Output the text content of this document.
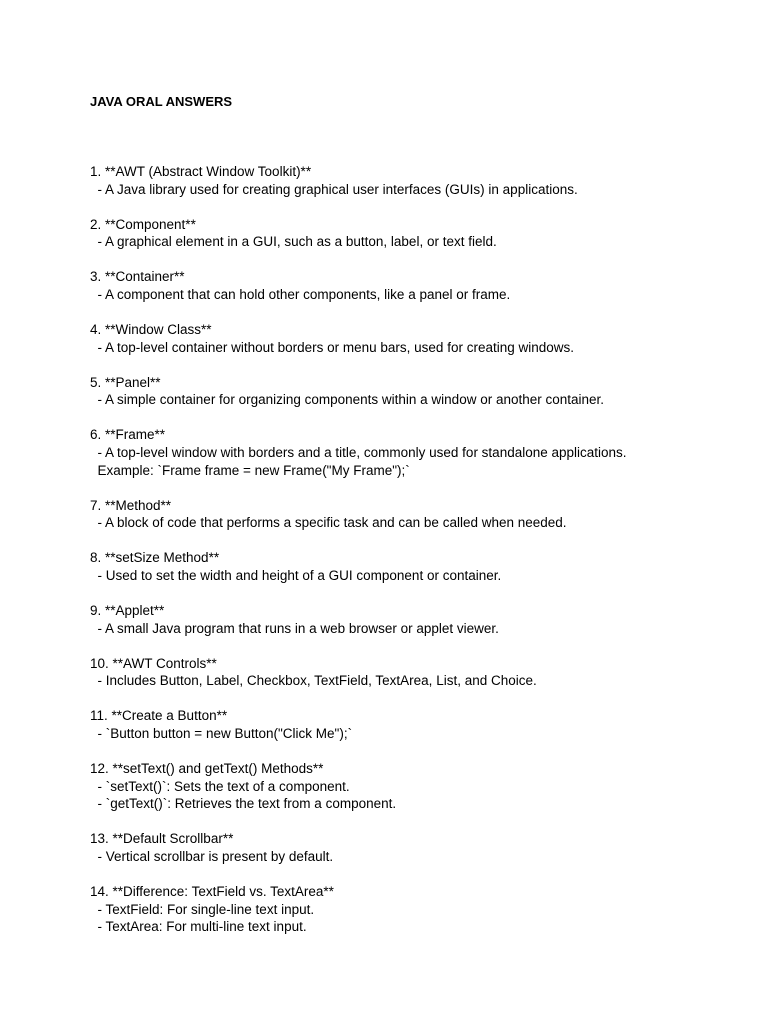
JAVA ORAL ANSWERS
1. **AWT (Abstract Window Toolkit)**
- A Java library used for creating graphical user interfaces (GUIs) in applications.
2. **Component**
- A graphical element in a GUI, such as a button, label, or text field.
3. **Container**
- A component that can hold other components, like a panel or frame.
4. **Window Class**
- A top-level container without borders or menu bars, used for creating windows.
5. **Panel**
- A simple container for organizing components within a window or another container.
6. **Frame**
- A top-level window with borders and a title, commonly used for standalone applications.
Example: `Frame frame = new Frame("My Frame");`
7. **Method**
- A block of code that performs a specific task and can be called when needed.
8. **setSize Method**
- Used to set the width and height of a GUI component or container.
9. **Applet**
- A small Java program that runs in a web browser or applet viewer.
10. **AWT Controls**
- Includes Button, Label, Checkbox, TextField, TextArea, List, and Choice.
11. **Create a Button**
- `Button button = new Button("Click Me");`
12. **setText() and getText() Methods**
- `setText()`: Sets the text of a component.
- `getText()`: Retrieves the text from a component.
13. **Default Scrollbar**
- Vertical scrollbar is present by default.
14. **Difference: TextField vs. TextArea**
- TextField: For single-line text input.
- TextArea: For multi-line text input.
